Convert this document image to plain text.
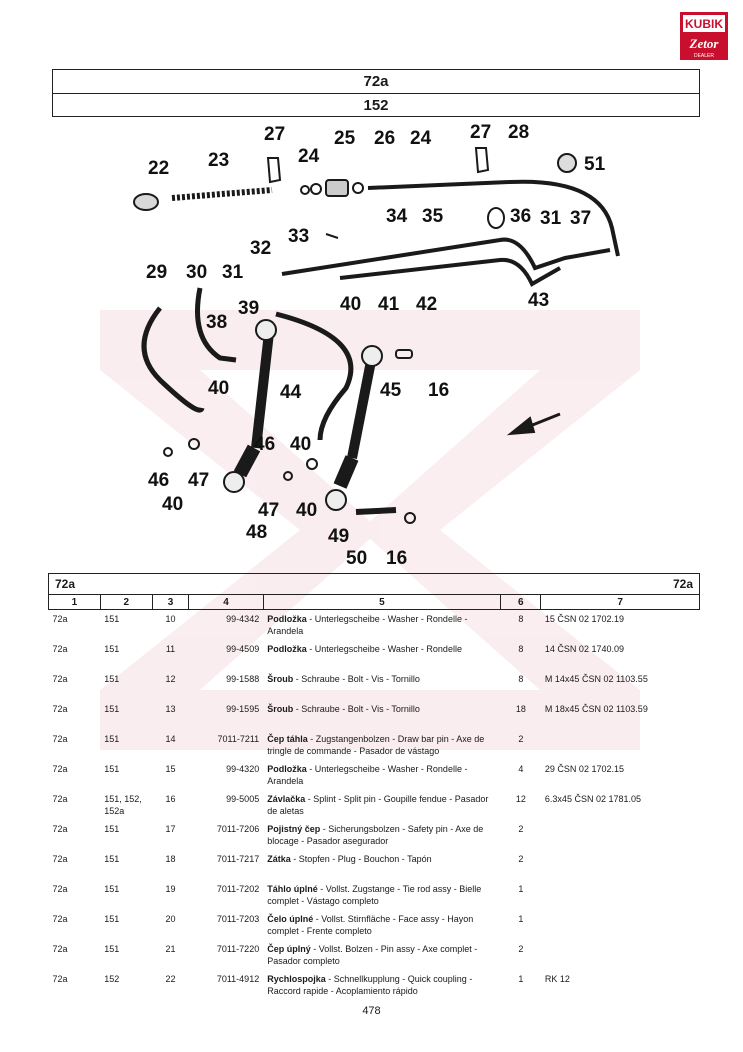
KUBIK
Zetor
DEALER
72a
152
22 23
27
24
25 26 24 27 28
51
34 35	36 31 37
33
32
29 30 31
39	40 41 42	43
38
40	44	45 16
46 40
46 47
40
48
47 40
49
50 16
72a				72a		
1	2	3	4	5	6	7
72a	151	10	99-4342	Podložka - Unterlegscheibe - Washer - Rondelle - Arandela	8	15 ČSN 02 1702.19
72a	151	11	99-4509	Podložka - Unterlegscheibe - Washer - Rondelle	8	14 ČSN 02 1740.09
72a	151	12	99-1588	Šroub - Schraube - Bolt - Vis - Tornillo	8	M 14x45 ČSN 02 1103.55
72a	151	13	99-1595	Šroub - Schraube - Bolt - Vis - Tornillo	18	M 18x45 ČSN 02 1103.59
72a	151	14	7011-7211	Čep táhla - Zugstangenbolzen - Draw bar pin - Axe de tringle de commande - Pasador de vástago	2	
72a	151	15	99-4320	Podložka - Unterlegscheibe - Washer - Rondelle - Arandela	4	29 ČSN 02 1702.15
72a	151, 152, 152a	16	99-5005	Závlačka - Splint - Split pin - Goupille fendue - Pasador de aletas	12	6.3x45 ČSN 02 1781.05
72a	151	17	7011-7206	Pojistný čep - Sicherungsbolzen - Safety pin - Axe de blocage - Pasador asegurador	2	
72a	151	18	7011-7217	Zátka - Stopfen - Plug - Bouchon - Tapón	2	
72a	151	19	7011-7202	Táhlo úplné - Vollst. Zugstange - Tie rod assy - Bielle complet - Vástago completo	1	
72a	151	20	7011-7203	Čelo úplné - Vollst. Stirnfläche - Face assy - Hayon complet - Frente completo	1	
72a	151	21	7011-7220	Čep úplný - Vollst. Bolzen - Pin assy - Axe complet - Pasador completo	2	
72a	152	22	7011-4912	Rychlospojka - Schnellkupplung - Quick coupling - Raccord rapide - Acoplamiento rápido	1	RK 12
478
